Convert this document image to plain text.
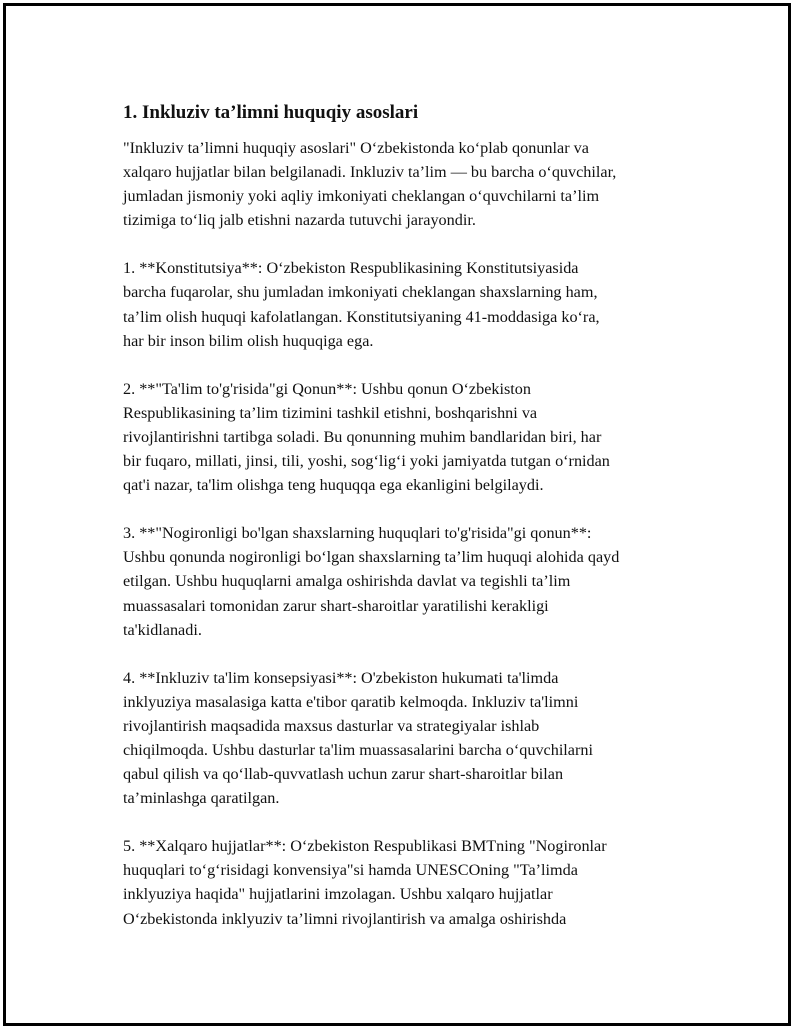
1. Inkluziv ta’limni huquqiy asoslari
"Inkluziv ta’limni huquqiy asoslari" O‘zbekistonda ko‘plab qonunlar va
xalqaro hujjatlar bilan belgilanadi. Inkluziv ta’lim — bu barcha o‘quvchilar,
jumladan jismoniy yoki aqliy imkoniyati cheklangan o‘quvchilarni ta’lim
tizimiga to‘liq jalb etishni nazarda tutuvchi jarayondir.
1. **Konstitutsiya**: O‘zbekiston Respublikasining Konstitutsiyasida
barcha fuqarolar, shu jumladan imkoniyati cheklangan shaxslarning ham,
ta’lim olish huquqi kafolatlangan. Konstitutsiyaning 41-moddasiga ko‘ra,
har bir inson bilim olish huquqiga ega.
2. **"Ta'lim to'g'risida"gi Qonun**: Ushbu qonun O‘zbekiston
Respublikasining ta’lim tizimini tashkil etishni, boshqarishni va
rivojlantirishni tartibga soladi. Bu qonunning muhim bandlaridan biri, har
bir fuqaro, millati, jinsi, tili, yoshi, sog‘lig‘i yoki jamiyatda tutgan o‘rnidan
qat'i nazar, ta'lim olishga teng huquqqa ega ekanligini belgilaydi.
3. **"Nogironligi bo'lgan shaxslarning huquqlari to'g'risida"gi qonun**:
Ushbu qonunda nogironligi bo‘lgan shaxslarning ta’lim huquqi alohida qayd
etilgan. Ushbu huquqlarni amalga oshirishda davlat va tegishli ta’lim
muassasalari tomonidan zarur shart-sharoitlar yaratilishi kerakligi
ta'kidlanadi.
4. **Inkluziv ta'lim konsepsiyasi**: O'zbekiston hukumati ta'limda
inklyuziya masalasiga katta e'tibor qaratib kelmoqda. Inkluziv ta'limni
rivojlantirish maqsadida maxsus dasturlar va strategiyalar ishlab
chiqilmoqda. Ushbu dasturlar ta'lim muassasalarini barcha o‘quvchilarni
qabul qilish va qo‘llab-quvvatlash uchun zarur shart-sharoitlar bilan
ta’minlashga qaratilgan.
5. **Xalqaro hujjatlar**: O‘zbekiston Respublikasi BMTning "Nogironlar
huquqlari to‘g‘risidagi konvensiya"si hamda UNESCOning "Ta’limda
inklyuziya haqida" hujjatlarini imzolagan. Ushbu xalqaro hujjatlar
O‘zbekistonda inklyuziv ta’limni rivojlantirish va amalga oshirishda
